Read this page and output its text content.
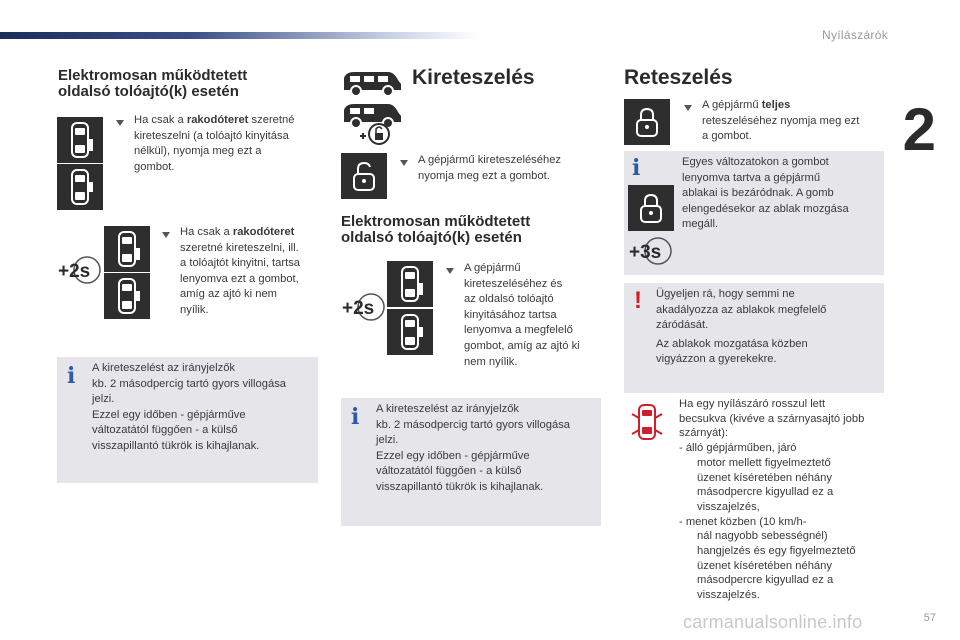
Nyílászárók
2
Elektromosan működtetett
oldalsó tolóajtó(k) esetén
Ha csak a rakodóteret szeretné
kireteszelni (a tolóajtó kinyitása
nélkül), nyomja meg ezt a
gombot.
+2s
Ha csak a rakodóteret
szeretné kireteszelni, ill.
a tolóajtót kinyitni, tartsa
lenyomva ezt a gombot,
amíg az ajtó ki nem
nyílik.
i A kireteszelést az irányjelzők
kb. 2 másodpercig tartó gyors villogása
jelzi.
Ezzel egy időben - gépjárműve
változatától függően - a külső
visszapillantó tükrök is kihajlanak.
Kireteszelés
A gépjármű kireteszeléséhez
nyomja meg ezt a gombot.
Elektromosan működtetett
oldalsó tolóajtó(k) esetén
+2s
A gépjármű
kireteszeléséhez és
az oldalsó tolóajtó
kinyitásához tartsa
lenyomva a megfelelő
gombot, amíg az ajtó ki
nem nyílik.
i A kireteszelést az irányjelzők
kb. 2 másodpercig tartó gyors villogása
jelzi.
Ezzel egy időben - gépjárműve
változatától függően - a külső
visszapillantó tükrök is kihajlanak.
Reteszelés
A gépjármű teljes
reteszeléséhez nyomja meg ezt
a gombot.
i
+3s
Egyes változatokon a gombot
lenyomva tartva a gépjármű
ablakai is bezáródnak. A gomb
elengedésekor az ablak mozgása
megáll.
! Ügyeljen rá, hogy semmi ne
akadályozza az ablakok megfelelő
záródását.
Az ablakok mozgatása közben
vigyázzon a gyerekekre.
Ha egy nyílászáró rosszul lett
becsukva (kivéve a szárnyasajtó jobb
szárnyát):
- álló gépjárműben, járó
motor mellett figyelmeztető
üzenet kíséretében néhány
másodpercre kigyullad ez a
visszajelzés,
- menet közben (10 km/h-
nál nagyobb sebességnél)
hangjelzés és egy figyelmeztető
üzenet kíséretében néhány
másodpercre kigyullad ez a
visszajelzés.
carmanualsonline.info	57
